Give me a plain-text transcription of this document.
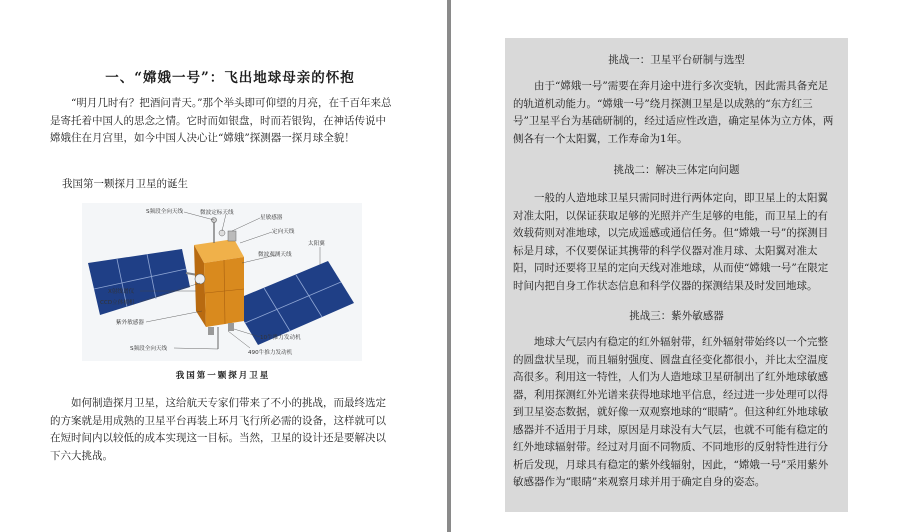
一、“嫦娥一号”：飞出地球母亲的怀抱

“明月几时有？把酒问青天。”那个举头即可仰望的月亮，在千百年来总是寄托着中国人的思念之情。它时而如银盘，时而若银钩，在神话传说中嫦娥住在月宫里，如今中国人决心让“嫦娥”探测器一探月球全貌！

我国第一颗探月卫星的诞生
S频段全向天线	微波定标天线
星敏感器
定向天线
太阳翼
微波观测天线
X射线谱仪
CCD立体相机
紫外敏感器
S频段全向天线
10牛推力发动机
490牛推力发动机
我国第一颗探月卫星

如何制造探月卫星，这给航天专家们带来了不小的挑战，而最终选定的方案就是用成熟的卫星平台再装上环月飞行所必需的设备，这样就可以在短时间内以较低的成本实现这一目标。当然，卫星的设计还是要解决以下六大挑战。

挑战一：卫星平台研制与选型

由于“嫦娥一号”需要在奔月途中进行多次变轨，因此需具备充足的轨道机动能力。“嫦娥一号”绕月探测卫星是以成熟的“东方红三号”卫星平台为基础研制的，经过适应性改造，确定星体为立方体，两侧各有一个太阳翼，工作寿命为1年。

挑战二：解决三体定向问题

一般的人造地球卫星只需同时进行两体定向，即卫星上的太阳翼对准太阳，以保证获取足够的光照并产生足够的电能，而卫星上的有效载荷则对准地球，以完成遥感或通信任务。但“嫦娥一号”的探测目标是月球，不仅要保证其携带的科学仪器对准月球、太阳翼对准太阳，同时还要将卫星的定向天线对准地球，从而使“嫦娥一号”在限定时间内把自身工作状态信息和科学仪器的探测结果及时发回地球。

挑战三：紫外敏感器

地球大气层内有稳定的红外辐射带，红外辐射带始终以一个完整的圆盘状呈现，而且辐射强度、圆盘直径变化都很小，并比太空温度高很多。利用这一特性，人们为人造地球卫星研制出了红外地球敏感器，利用探测红外光谱来获得地球地平信息，经过进一步处理可以得到卫星姿态数据，就好像一双观察地球的“眼睛”。但这种红外地球敏感器并不适用于月球，原因是月球没有大气层，也就不可能有稳定的红外地球辐射带。经过对月面不同物质、不同地形的反射特性进行分析后发现，月球具有稳定的紫外线辐射，因此，“嫦娥一号”采用紫外敏感器作为“眼睛”来观察月球并用于确定自身的姿态。
